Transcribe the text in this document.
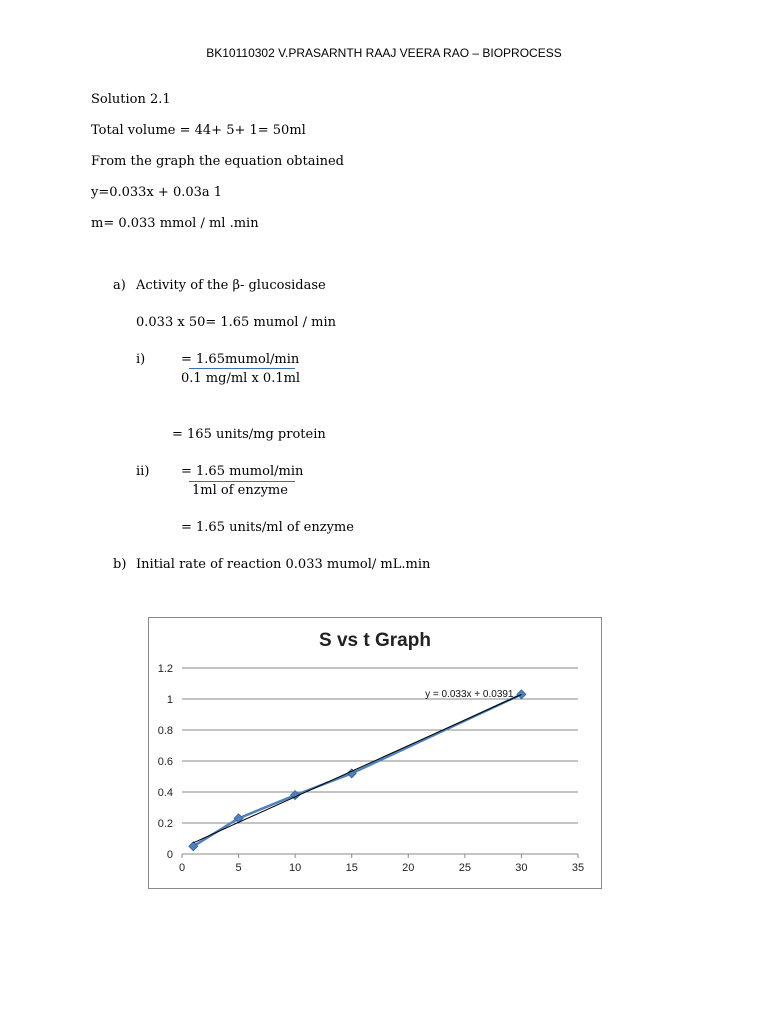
BK10110302 V.PRASARNTH RAAJ VEERA RAO – BIOPROCESS
Solution 2.1
Total volume = 44+ 5+ 1= 50ml
From the graph the equation obtained
y=0.033x + 0.03a 1
m= 0.033 mmol / ml .min
a) Activity of the β- glucosidase
0.033 x 50= 1.65 mumol / min
i)	= 1.65mumol/min
0.1 mg/ml x 0.1ml
= 165 units/mg protein
ii) = 1.65 mumol/min
1ml of enzyme
= 1.65 units/ml of enzyme
b) Initial rate of reaction 0.033 mumol/ mL.min
S vs t Graph
0
0.2
0.4
0.6
0.8
1
1.2
0	5	10	15	20	25	30	35
y = 0.033x + 0.0391
